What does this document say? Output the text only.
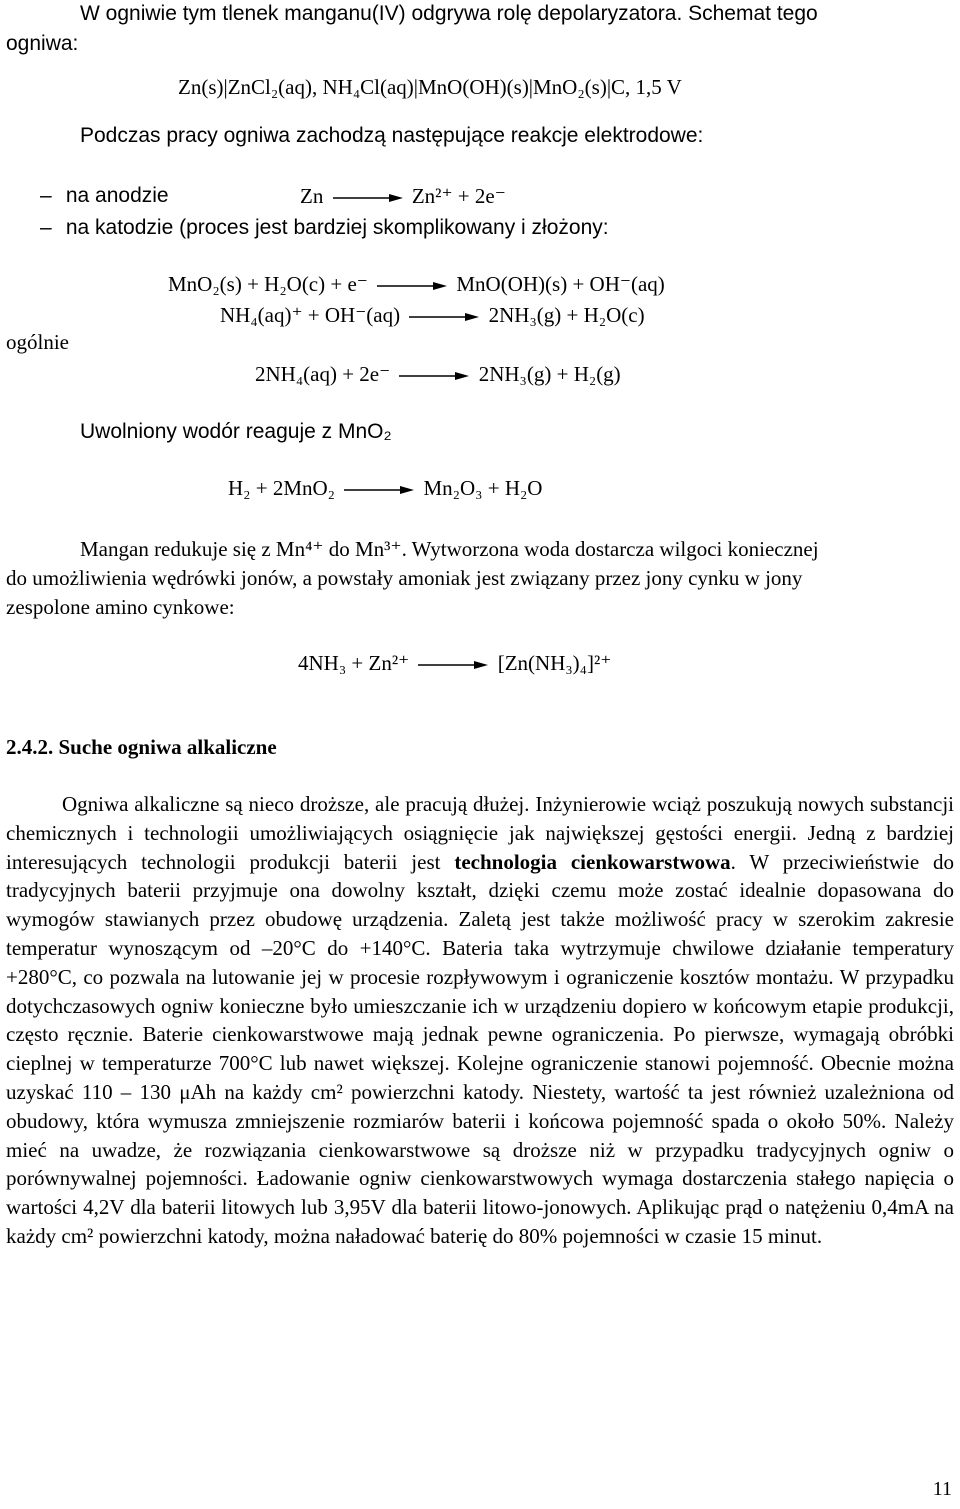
W ogniwie tym tlenek manganu(IV) odgrywa rolę depolaryzatora. Schemat tego
ogniwa:
Zn(s)|ZnCl₂(aq), NH₄Cl(aq)|MnO(OH)(s)|MnO₂(s)|C, 1,5 V
Podczas pracy ogniwa zachodzą następujące reakcje elektrodowe:
– na anodzie	Zn → Zn²⁺ + 2e⁻
– na katodzie (proces jest bardziej skomplikowany i złożony:
MnO₂(s) + H₂O(c) + e⁻ → MnO(OH)(s) + OH⁻(aq)
NH₄(aq)⁺ + OH⁻(aq) → 2NH₃(g) + H₂O(c)
ogólnie
2NH₄(aq) + 2e⁻ → 2NH₃(g) + H₂(g)
Uwolniony wodór reaguje z MnO₂
H₂ + 2MnO₂ → Mn₂O₃ + H₂O
Mangan redukuje się z Mn⁴⁺ do Mn³⁺. Wytworzona woda dostarcza wilgoci koniecznej
do umożliwienia wędrówki jonów, a powstały amoniak jest związany przez jony cynku w jony
zespolone amino cynkowe:
4NH₃ + Zn²⁺ → [Zn(NH₃)₄]²⁺
2.4.2. Suche ogniwa alkaliczne

Ogniwa alkaliczne są nieco droższe, ale pracują dłużej. Inżynierowie wciąż poszukują nowych substancji chemicznych i technologii umożliwiających osiągnięcie jak największej gęstości energii. Jedną z bardziej interesujących technologii produkcji baterii jest technologia cienkowarstwowa. W przeciwieństwie do tradycyjnych baterii przyjmuje ona dowolny kształt, dzięki czemu może zostać idealnie dopasowana do wymogów stawianych przez obudowę urządzenia. Zaletą jest także możliwość pracy w szerokim zakresie temperatur wynoszącym od –20°C do +140°C. Bateria taka wytrzymuje chwilowe działanie temperatury +280°C, co pozwala na lutowanie jej w procesie rozpływowym i ograniczenie kosztów montażu. W przypadku dotychczasowych ogniw konieczne było umieszczanie ich w urządzeniu dopiero w końcowym etapie produkcji, często ręcznie. Baterie cienkowarstwowe mają jednak pewne ograniczenia. Po pierwsze, wymagają obróbki cieplnej w temperaturze 700°C lub nawet większej. Kolejne ograniczenie stanowi pojemność. Obecnie można uzyskać 110 – 130 μAh na każdy cm² powierzchni katody. Niestety, wartość ta jest również uzależniona od obudowy, która wymusza zmniejszenie rozmiarów baterii i końcowa pojemność spada o około 50%. Należy mieć na uwadze, że rozwiązania cienkowarstwowe są droższe niż w przypadku tradycyjnych ogniw o porównywalnej pojemności. Ładowanie ogniw cienkowarstwowych wymaga dostarczenia stałego napięcia o wartości 4,2V dla baterii litowych lub 3,95V dla baterii litowo-jonowych. Aplikując prąd o natężeniu 0,4mA na każdy cm² powierzchni katody, można naładować baterię do 80% pojemności w czasie 15 minut.

11
